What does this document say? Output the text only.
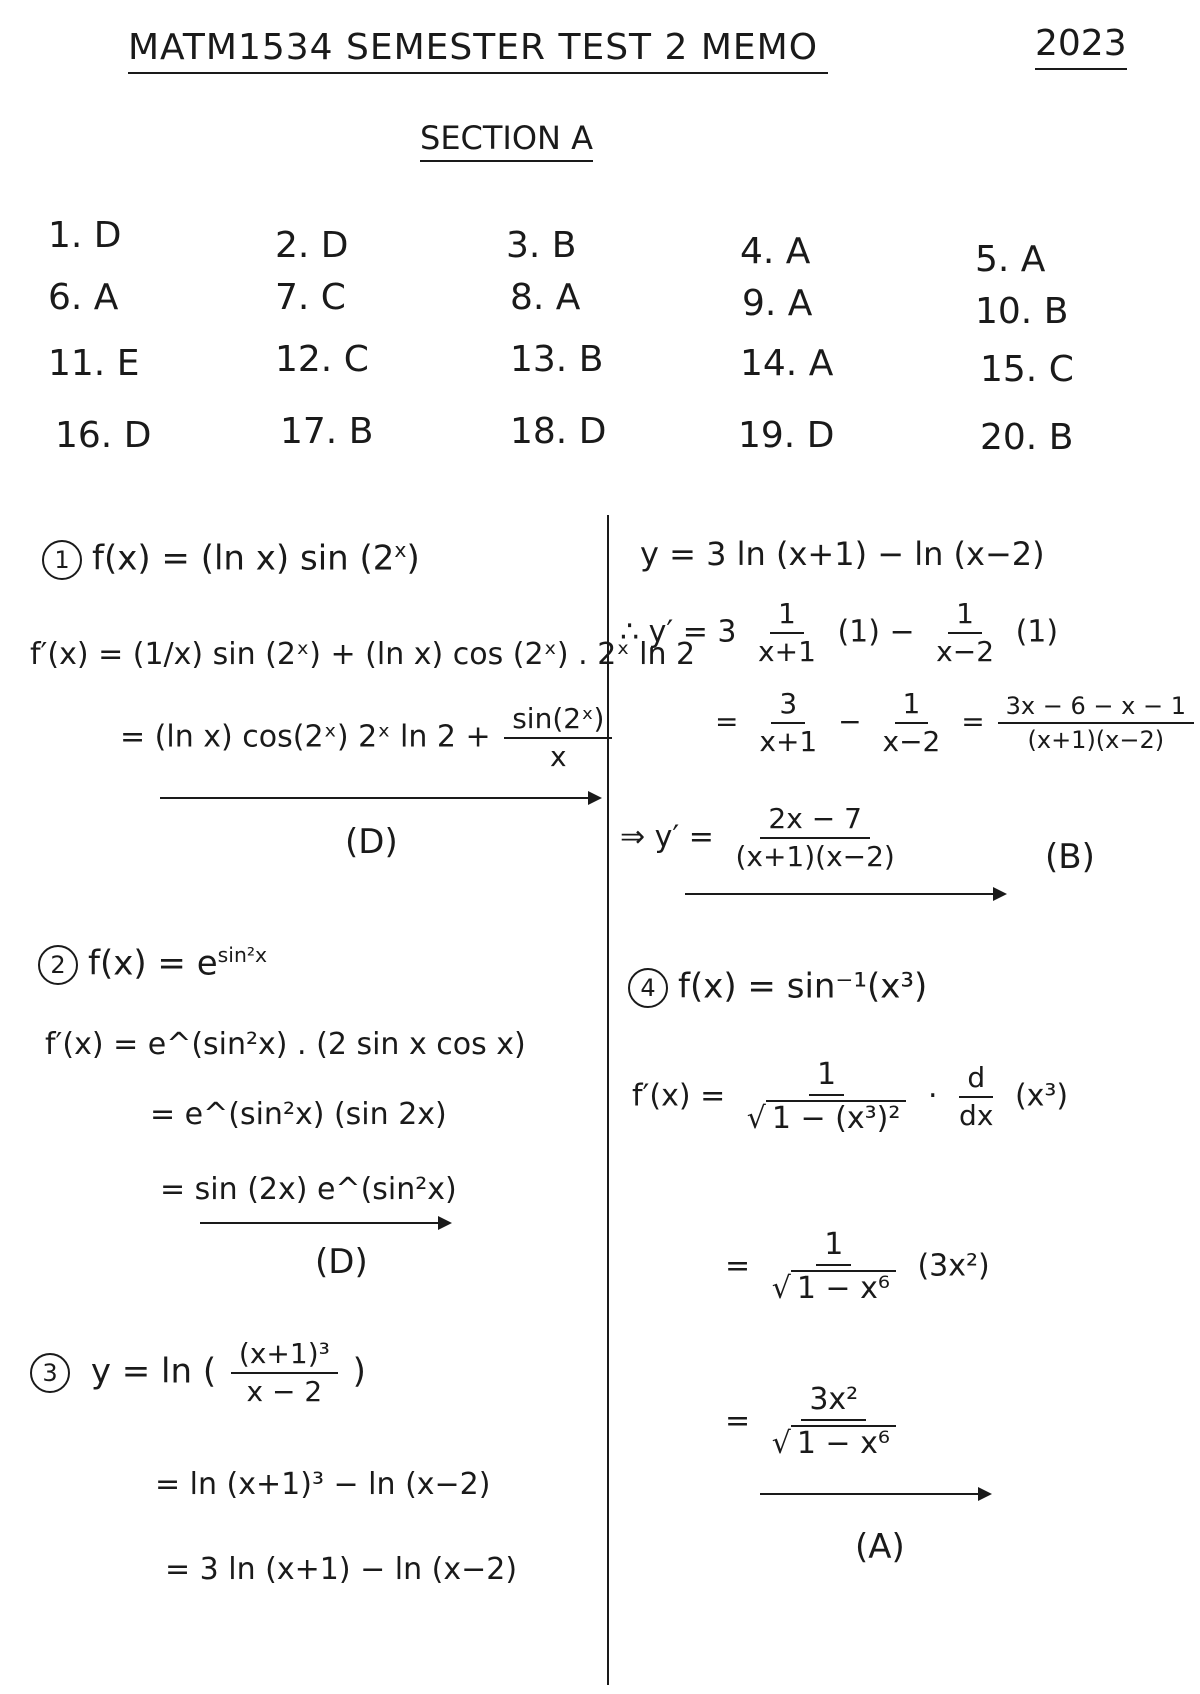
MATM1534 SEMESTER TEST 2 MEMO	2023
SECTION A
1. D	2. D	3. B	4. A	5. A
6. A	7. C	8. A	9. A	10. B
11. E	12. C	13. B	14. A	15. C
16. D	17. B	18. D	19. D	20. B
1 f(x) = (ln x) sin (2$^x$)
f′(x) = (1/x) sin (2ˣ) + (ln x) cos (2ˣ) . 2ˣ ln 2
= (ln x) cos(2ˣ) 2ˣ $\ln 2 + \frac{\text{sin(2ˣ)}}{x}$
(D)
2 $f(x) = e^{sin^2x}$
f′(x) = e^(sin²x) . (2 sin x cos x)
= e^(sin²x) (sin 2x)
= sin (2x) e^(sin²x)
(D)
3 y = ln ( $\frac{\text{(x+1)³}}{x - 2}$ )
= ln (x+1)³ − ln (x−2)
= 3 ln (x+1) − ln (x−2)
y = 3 ln (x+1) − ln (x−2)
∴ $y' = 3 \frac{1}{x+1} (1) - \frac{1}{x-2} (1)$
= $\frac{3}{x+1} - \frac{1}{x-2} = \frac{3x - 6 - x - 1}{(x+1)(x-2)}$
⇒ $y' = \frac{2x - 7}{(x+1)(x-2)}$	(B)
4 f(x) = sin⁻¹(x³)
$f'(x) = \frac{1}{\text{√ 1 − (x³)²}} \cdot \frac{d}{dx} (x^3)$
= $\frac{1}{\text{√ 1 − x⁶}} (3x^2)$
= $\frac{\text{3x²}}{\text{√ 1 − x⁶}}$
(A)
